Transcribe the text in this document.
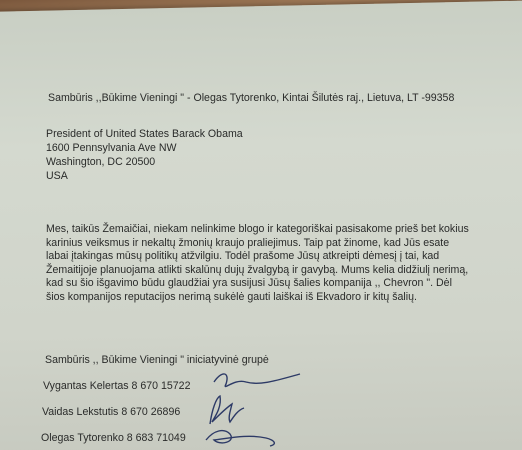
Sambūris ,,Būkime Vieningi " - Olegas Tytorenko, Kintai Šilutės raj., Lietuva, LT -99358
President of United States Barack Obama
1600 Pennsylvania Ave NW
Washington, DC 20500
USA
Mes, taikūs Žemaičiai, niekam nelinkime blogo ir kategoriškai pasisakome prieš bet kokius
karinius veiksmus ir nekaltų žmonių kraujo praliejimus. Taip pat žinome, kad Jūs esate
labai įtakingas mūsų politikų atžvilgiu. Todėl prašome Jūsų atkreipti dėmesį į tai, kad
Žemaitijoje planuojama atlikti skalūnų dujų žvalgybą ir gavybą. Mums kelia didžiulį nerimą,
kad su šio išgavimo būdu glaudžiai yra susijusi Jūsų šalies kompanija ,, Chevron ". Dėl
šios kompanijos reputacijos nerimą sukėlė gauti laiškai iš Ekvadoro ir kitų šalių.
Sambūris ,, Būkime Vieningi " iniciatyvinė grupė
Vygantas Kelertas 8 670 15722
Vaidas Lekstutis 8 670 26896
Olegas Tytorenko 8 683 71049
